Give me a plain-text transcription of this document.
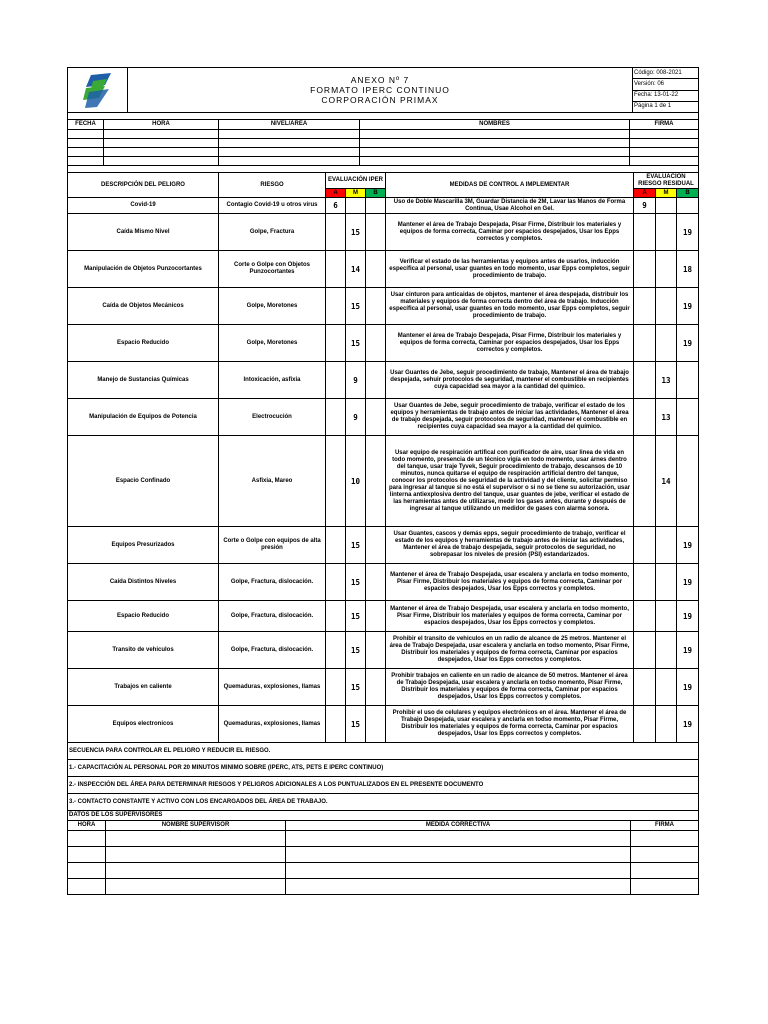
ANEXO Nº 7
FORMATO IPERC CONTINUO
CORPORACIÓN PRIMAX
	Código: 008-2021
Versión: 06
Fecha: 13-01-22
Página 1 de 1

FECHA	HORA	NIVEL/ÁREA	NOMBRES	FIRMA

DESCRIPCIÓN DEL PELIGRO	RIESGO	EVALUACIÓN IPER			MEDIDAS DE CONTROL A IMPLEMENTAR	EVALUACIÓN RIESGO RESIDUAL		
		A	M	B		A	M	B
Covid-19	Contagio Covid-19 u otros virus	6			Uso de Doble Mascarilla 3M, Guardar Distancia de 2M, Lavar las Manos de Forma Continua, Usae Alcohol en Gel.	9		
Caída Mismo Nivel	Golpe, Fractura		15		Mantener el área de Trabajo Despejada, Pisar Firme, Distribuir los materiales y equipos de forma correcta, Caminar por espacios despejados, Usar los Epps correctos y completos.			19
Manipulación de Objetos Punzocortantes	Corte o Golpe con Objetos Punzocortantes		14		Verificar el estado de las herramientas y equipos antes de usarlos, inducción específica al personal, usar guantes en todo momento, usar Epps completos, seguir procedimiento de trabajo.			18
Caída de Objetos Mecánicos	Golpe, Moretones		15		Usar cinturon para anticaidas de objetos, mantener el área despejada, distribuir los materiales y equipos de forma correcta dentro del área de trabajo. Inducción específica al personal, usar guantes en todo momento, usar Epps completos, seguir procedimiento de trabajo.			19
Espacio Reducido	Golpe, Moretones		15		Mantener el área de Trabajo Despejada, Pisar Firme, Distribuir los materiales y equipos de forma correcta, Caminar por espacios despejados, Usar los Epps correctos y completos.			19
Manejo de Sustancias Químicas	Intoxicación, asfixia		9		Usar Guantes de Jebe, seguir procedimiento de trabajo, Mantener el área de trabajo despejada, sehuir protocolos de seguridad, mantener el combustible en recipientes cuya capacidad sea mayor a la cantidad del químico.		13	
Manipulación de Equipos de Potencia	Electrocución		9		Usar Guantes de Jebe, seguir procedimiento de trabajo, verificar el estado de los equipos y herramientas de trabajo antes de iniciar las actividades, Mantener el área de trabajo despejada, seguir protocolos de seguridad, mantener el combustible en recipientes cuya capacidad sea mayor a la cantidad del químico.		13	
Espacio Confinado	Asfixia, Mareo		10		Usar equipo de respiración artifical con purificador de aire, usar linea de vida en todo momento, presencia de un técnico vigía en todo momento, usar árnes dentro del tanque, usar traje Tyvek, Seguir procedimiento de trabajo, descansos de 10 minutos, nunca quitarse el equipo de respiración artificial dentro del tanque, conocer los protocolos de seguridad de la actividad y del cliente, solicitar permiso para ingresar al tanque si no está el supervisor o si no se tiene su autorización, usar linterna antiexplosiva dentro del tanque, usar guantes de jebe, verificar el estado de las herramientas antes de utilizarse, medir los gases antes, durante y después de ingresar al tanque utilizando un medidor de gases con alarma sonora.		14	
Equipos Presurizados	Corte o Golpe con equipos de alta presión		15		Usar Guantes, cascos y demás epps, seguir procedimiento de trabajo, verificar el estado de los equipos y herramientas de trabajo antes de iniciar las actividades, Mantener el área de trabajo despejada, seguir protocolos de seguridad, no sobrepasar los niveles de presión (PSI) estandarizados.			19
Caída Distintos Niveles	Golpe, Fractura, dislocación.		15		Mantener el área de Trabajo Despejada, usar escalera y anclarla en todso momento, Pisar Firme, Distribuir los materiales y equipos de forma correcta, Caminar por espacios despejados, Usar los Epps correctos y completos.			19
Espacio Reducido	Golpe, Fractura, dislocación.		15		Mantener el área de Trabajo Despejada, usar escalera y anclarla en todso momento, Pisar Firme, Distribuir los materiales y equipos de forma correcta, Caminar por espacios despejados, Usar los Epps correctos y completos.			19
Transito de vehiculos	Golpe, Fractura, dislocación.		15		Prohibir el transito de vehiculos en un radio de alcance de 25 metros. Mantener el área de Trabajo Despejada, usar escalera y anclarla en todso momento, Pisar Firme, Distribuir los materiales y equipos de forma correcta, Caminar por espacios despejados, Usar los Epps correctos y completos.			19
Trabajos en caliente	Quemaduras, explosiones, llamas		15		Prohibir trabajos en caliente en un radio de alcance de 50 metros. Mantener el área de Trabajo Despejada, usar escalera y anclarla en todso momento, Pisar Firme, Distribuir los materiales y equipos de forma correcta, Caminar por espacios despejados, Usar los Epps correctos y completos.			19
Equipos electronicos	Quemaduras, explosiones, llamas		15		Prohibir el uso de celulares y equipos electrónicos en el área. Mantener el área de Trabajo Despejada, usar escalera y anclarla en todso momento, Pisar Firme, Distribuir los materiales y equipos de forma correcta, Caminar por espacios despejados, Usar los Epps correctos y completos.			19
SECUENCIA PARA CONTROLAR EL PELIGRO Y REDUCIR EL RIESGO.			
1.- CAPACITACIÓN AL PERSONAL POR 20 MINUTOS MINIMO SOBRE (IPERC, ATS, PETS E IPERC CONTINUO)			
2.- INSPECCIÓN DEL ÁREA PARA DETERMINAR RIESGOS Y PELIGROS ADICIONALES A LOS PUNTUALIZADOS EN EL PRESENTE DOCUMENTO			
3.- CONTACTO CONSTANTE Y ACTIVO CON LOS ENCARGADOS DEL ÁREA DE TRABAJO.			
DATOS DE LOS SUPERVISORES			
HORA	NOMBRE SUPERVISOR	MEDIDA CORRECTIVA	FIRMA
